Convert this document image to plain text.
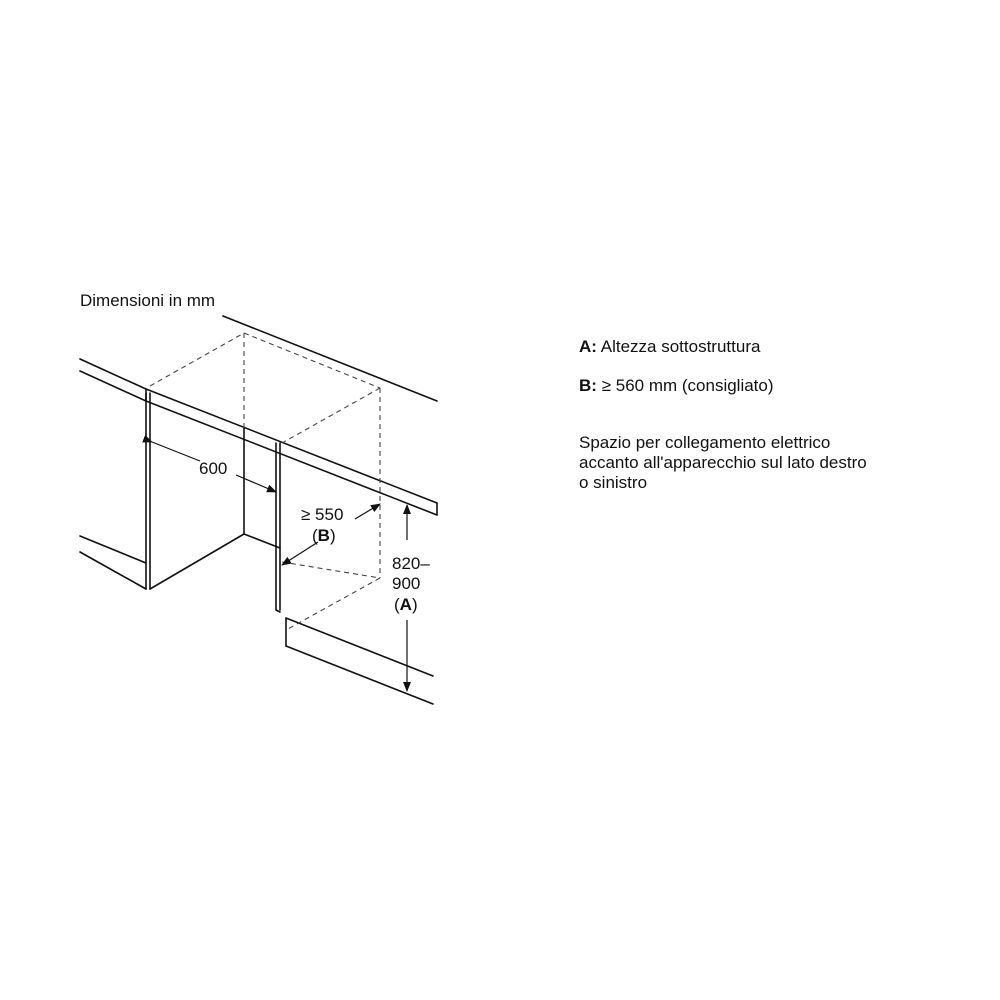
Dimensioni in mm
600
≥ 550
(B)
820–
900
(A)

A: Altezza sottostruttura

B: ≥ 560 mm (consigliato)

Spazio per collegamento elettrico

accanto all'apparecchio sul lato destro

o sinistro
